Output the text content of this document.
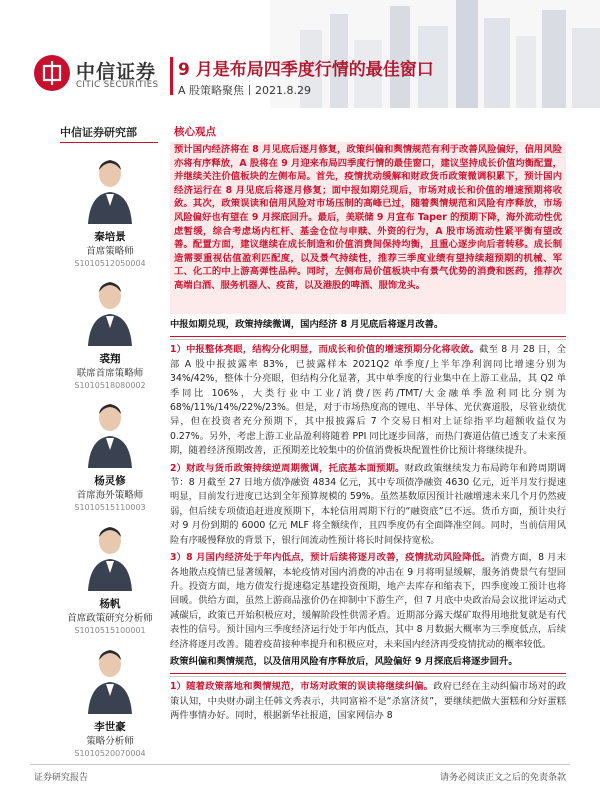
中信证券
CITIC SECURITIES
9 月是布局四季度行情的最佳窗口
A 股策略聚焦丨2021.8.29
中信证券研究部	核心观点
秦培景
首席策略师
S1010512050004
裘翔
联席首席策略师
S1010518080002
杨灵修
首席海外策略师
S1010515110003
杨帆
首席政策研究分析师
S1010515100001
李世豪
策略分析师
S1010520070004
预计国内经济将在 8 月见底后逐月修复，政策纠偏和舆情规范有利于改善风险偏好，信用风险亦将有序释放，A 股将在 9 月迎来布局四季度行情的最佳窗口，建议坚持成长价值均衡配置，并继续关注价值板块的左侧布局。首先，疫情扰动缓解和财政货币政策微调积累下，预计国内经济运行在 8 月见底后将逐月修复；面中报如期兑现后，市场对成长和价值的增速预期将收敛。其次，政策误读和信用风险对市场压制的高峰已过，随着舆情规范和风险有序释放，市场风险偏好也有望在 9 月探底回升。最后，美联储 9 月宣布 Taper 的预期下降，海外流动性优虑暂缓，综合考虑场内杠杆、基金仓位与申赎、外资的行为，A 股市场流动性紧平衡有望改善。配置方面，建议继续在成长制造和价值消费间保持均衡，且重心逐步向后者转移。成长制造需要重视估值盈利匹配度，以及景气持续性，推荐三季度业绩有望持续超预期的机械、军工、化工的中上游高弹性品种。同时，左侧布局价值板块中有景气优势的消费和医药，推荐次高端白酒、服务机器人、疫苗，以及港股的啤酒、服饰龙头。
中报如期兑现，政策持续微调，国内经济 8 月见底后将逐月改善。

1）中报整体亮眼，结构分化明显，而成长和价值的增速预期分化将收敛。截至 8 月 28 日，全部 A 股中报披露率 83%，已披露样本 2021Q2 单季度/上半年净利润同比增速分别为 34%/42%，整体十分亮眼，但结构分化显著，其中单季度的行业集中在上游工业品，其 Q2 单季同比 106%，大类行业中工业/消费/医药/TMT/大金融单季盈利同比分别为 68%/11%/14%/22%/23%。但是，对于市场热度高的锂电、半导体、光伏赛道股，尽管业绩优异，但在投资者充分预期下，其中报披露后 7 个交易日相对上证综指平均超额收益仅为 0.27%。另外，考虑上游工业品盈利将随着 PPI 同比逐步回落，而热门赛道估值已透支了未来预期，随着经济预期改善，正预期差比较集中的价值消费板块配置性价比预计将继续提升。

2）财政与货币政策持续逆周期微调，托底基本面预期。财政政策继续发力布局跨年和跨周期调节：8 月截至 27 日地方债净融资 4834 亿元，其中专项债净融资 4630 亿元，近半月发行提速明显，目前发行进度已达到全年预算规模的 59%。虽然基数原因预计社融增速未来几个月仍然疲弱，但后续专项债追赶进度预期下，本轮信用周期下行的“融资底”已不远。货币方面，预计央行对 9 月份到期的 6000 亿元 MLF 将全额续作，且四季度仍有全面降准空间。同时，当前信用风险有序暖慢释放的背景下，银行间流动性预计将长时间保持宽松。

3）8 月国内经济处于年内低点，预计后续将逐月改善，疫情扰动风险降低。消费方面，8 月末各地散点疫情已显著缓解，本轮疫情对国内消费的冲击在 9 月将明显缓解，服务消费景气有望回升。投资方面，地方债发行提速稳定基建投资预期，地产去库存和缩表下，四季度竣工预计也将回暖。供给方面，虽然上游商品涨价仍在抑制中下游生产，但 7 月底中央政治局会议批评运动式减碳后，政策已开始积极应对，缓解阶段性供需矛盾。近期部分露天煤矿取得用地批复就是有代表性的信号。预计国内三季度经济运行处于年内低点，其中 8 月数据大概率为三季度低点，后续经济将逐月改善。随着疫苗接种率提升和积极应对，未来国内经济再受疫情扰动的概率较低。

政策纠偏和舆情规范，以及信用风险有序释放后，风险偏好 9 月探底后将逐步回升。

1）随着政策落地和舆情规范，市场对政策的误读将继续纠偏。政府已经在主动纠偏市场对的政策认知，中央财办副主任韩文秀表示，共同富裕不是“杀富济贫”，要继续把做大蛋糕和分好蛋糕两件事情办好。同时，根据新华社报道，国家网信办 8

证券研究报告	请务必阅读正文之后的免责条款
